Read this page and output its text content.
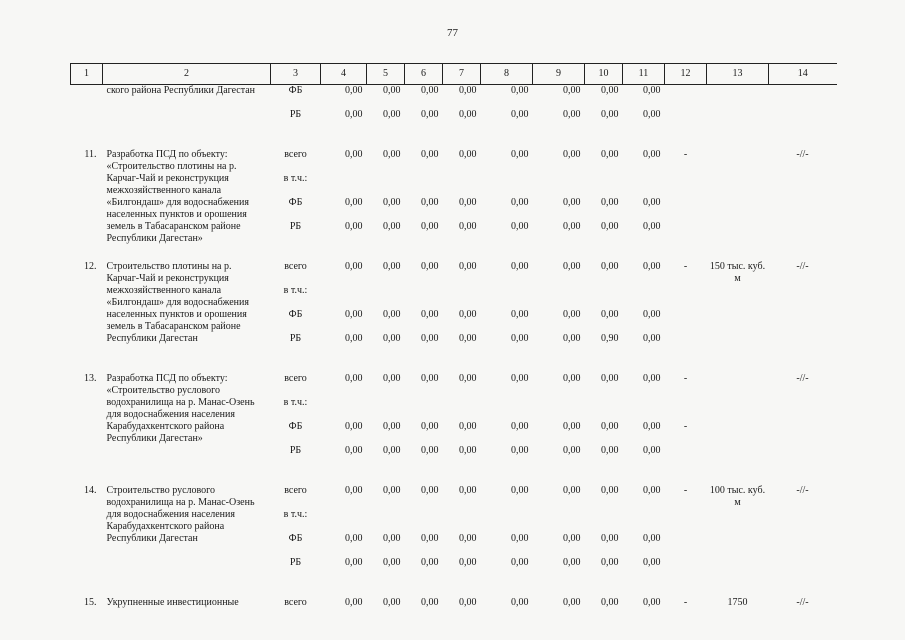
77
1	2	3	4	5	6	7	8	9	10	11	12	13	14
	ского района Республики Дагестан	ФБ	0,00	0,00	0,00	0,00	0,00	0,00	0,00	0,00			
		РБ	0,00	0,00	0,00	0,00	0,00	0,00	0,00	0,00			

11.	Разработка ПСД по объекту: «Строительство плотины на р. Карчаг-Чай и реконструкция межхозяйственного канала «Билгондаш» для водоснабжения населенных пунктов и орошения земель в Табасаранском районе Республики Дагестан»	всего	0,00	0,00	0,00	0,00	0,00	0,00	0,00	0,00	-		-//-
		в т.ч.:											
		ФБ	0,00	0,00	0,00	0,00	0,00	0,00	0,00	0,00			
		РБ	0,00	0,00	0,00	0,00	0,00	0,00	0,00	0,00			

12.	Строительство плотины на р. Карчаг-Чай и реконструкция межхозяйственного канала «Билгондаш» для водоснабжения населенных пунктов и орошения земель в Табасаранском районе Республики Дагестан	всего	0,00	0,00	0,00	0,00	0,00	0,00	0,00	0,00	-	150 тыс. куб. м	-//-
		в т.ч.:											
		ФБ	0,00	0,00	0,00	0,00	0,00	0,00	0,00	0,00			
		РБ	0,00	0,00	0,00	0,00	0,00	0,00	0,90	0,00			

13.	Разработка ПСД по объекту: «Строительство руслового водохранилища на р. Манас-Озень для водоснабжения населения Карабудахкентского района Республики Дагестан»	всего	0,00	0,00	0,00	0,00	0,00	0,00	0,00	0,00	-		-//-
		в т.ч.:											
		ФБ	0,00	0,00	0,00	0,00	0,00	0,00	0,00	0,00	-		
		РБ	0,00	0,00	0,00	0,00	0,00	0,00	0,00	0,00			

14.	Строительство руслового водохранилища на р. Манас-Озень для водоснабжения населения Карабудахкентского района Республики Дагестан	всего	0,00	0,00	0,00	0,00	0,00	0,00	0,00	0,00	-	100 тыс. куб. м	-//-
		в т.ч.:											
		ФБ	0,00	0,00	0,00	0,00	0,00	0,00	0,00	0,00			
		РБ	0,00	0,00	0,00	0,00	0,00	0,00	0,00	0,00			

15.	Укрупненные инвестиционные	всего	0,00	0,00	0,00	0,00	0,00	0,00	0,00	0,00	-	1750	-//-
